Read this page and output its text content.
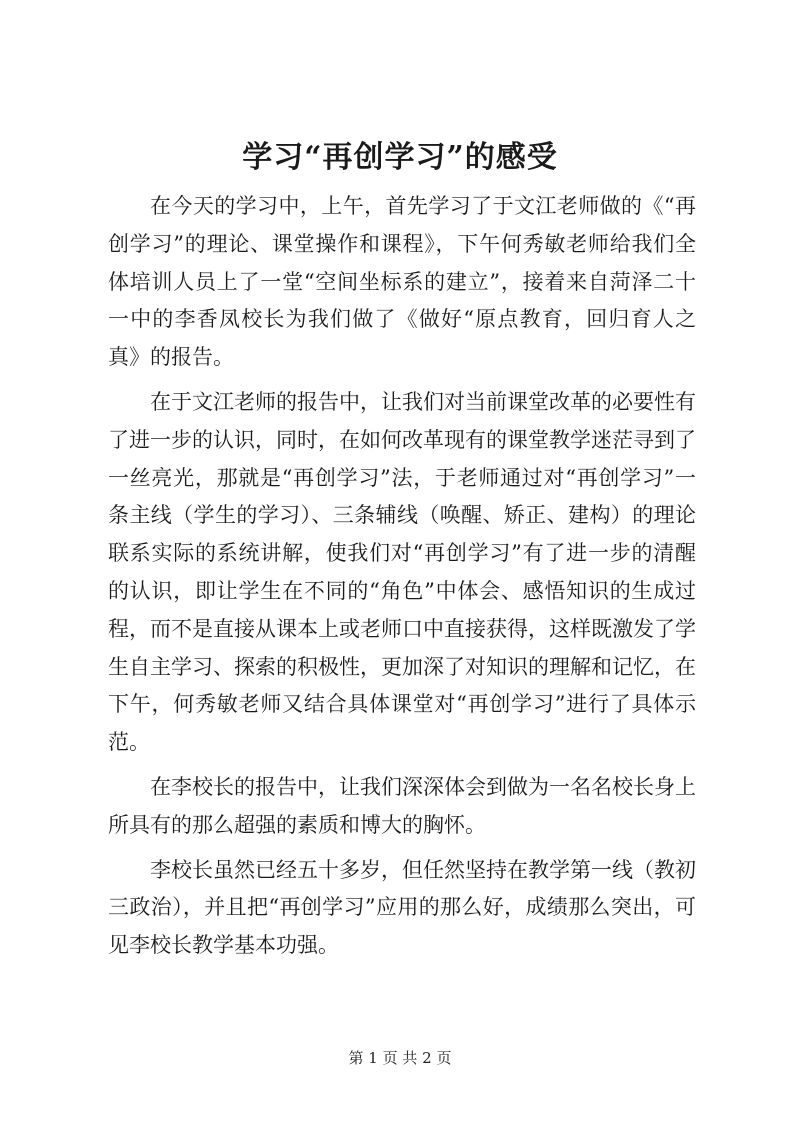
学习“再创学习”的感受

在今天的学习中，上午，首先学习了于文江老师做的《“再创学习”的理论、课堂操作和课程》，下午何秀敏老师给我们全体培训人员上了一堂“空间坐标系的建立”，接着来自菏泽二十一中的李香凤校长为我们做了《做好“原点教育，回归育人之真》的报告。

在于文江老师的报告中，让我们对当前课堂改革的必要性有了进一步的认识，同时，在如何改革现有的课堂教学迷茫寻到了一丝亮光，那就是“再创学习”法，于老师通过对“再创学习”一条主线（学生的学习）、三条辅线（唤醒、矫正、建构）的理论联系实际的系统讲解，使我们对“再创学习”有了进一步的清醒的认识，即让学生在不同的“角色”中体会、感悟知识的生成过程，而不是直接从课本上或老师口中直接获得，这样既激发了学生自主学习、探索的积极性，更加深了对知识的理解和记忆，在下午，何秀敏老师又结合具体课堂对“再创学习”进行了具体示范。

在李校长的报告中，让我们深深体会到做为一名名校长身上所具有的那么超强的素质和博大的胸怀。

李校长虽然已经五十多岁，但任然坚持在教学第一线（教初三政治），并且把“再创学习”应用的那么好，成绩那么突出，可见李校长教学基本功强。

第 1 页 共 2 页
